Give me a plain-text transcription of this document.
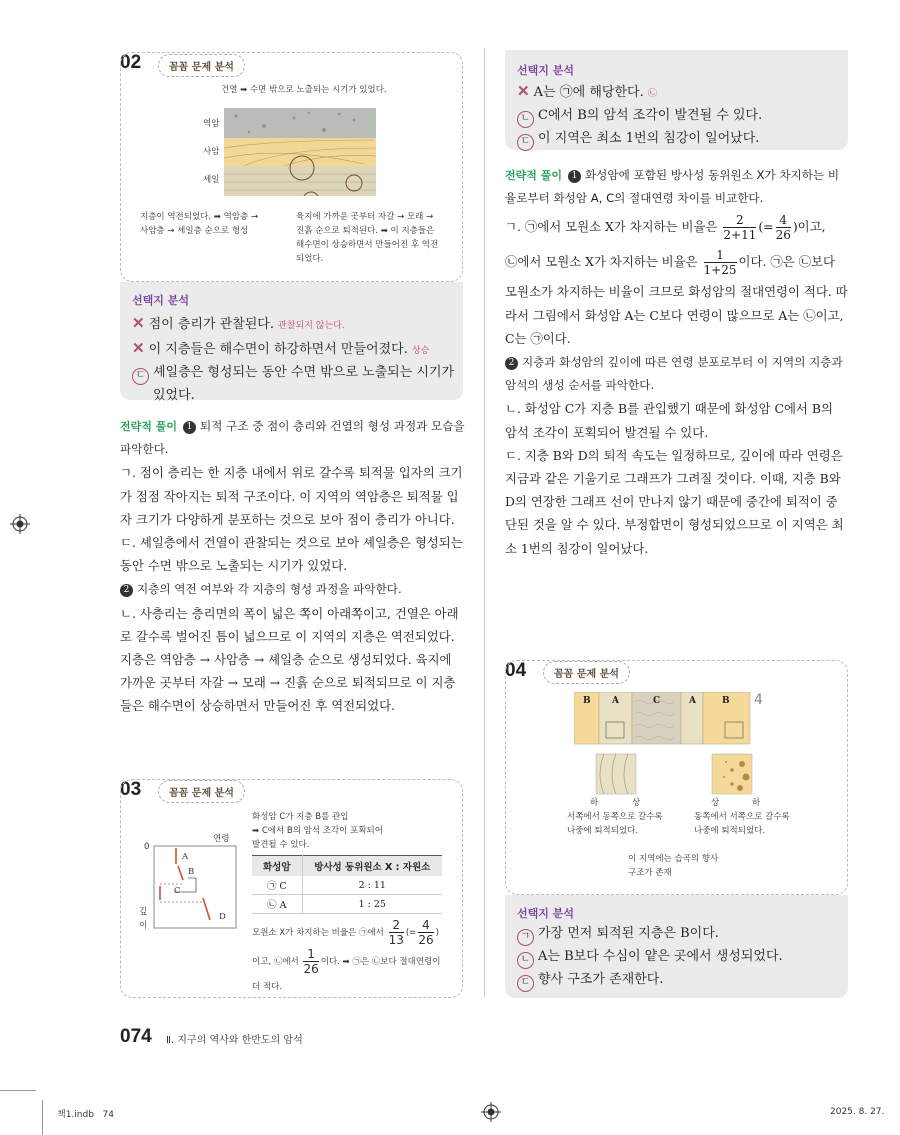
02	꼼꼼 문제 분석
건열 ➡ 수면 밖으로 노출되는 시기가 있었다.
역암
사암
셰일
지층이 역전되었다. ➡ 역암층 →
사암층 → 셰일층 순으로 형성
육지에 가까운 곳부터 자갈 → 모래 →
진흙 순으로 퇴적된다. ➡ 이 지층들은
해수면이 상승하면서 만들어진 후 역전
되었다.
선택지 분석
✕ 점이 층리가 관찰된다. 관찰되지 않는다.
✕ 이 지층들은 해수면이 하강하면서 만들어졌다. 상승
ㄷ 셰일층은 형성되는 동안 수면 밖으로 노출되는 시기가
있었다.
전략적 풀이 1 퇴적 구조 중 점이 층리와 건열의 형성 과정과 모습을
파악한다.
ㄱ. 점이 층리는 한 지층 내에서 위로 갈수록 퇴적물 입자의 크기
가 점점 작아지는 퇴적 구조이다. 이 지역의 역암층은 퇴적물 입
자 크기가 다양하게 분포하는 것으로 보아 점이 층리가 아니다.
ㄷ. 셰일층에서 건열이 관찰되는 것으로 보아 셰일층은 형성되는
동안 수면 밖으로 노출되는 시기가 있었다.
2 지층의 역전 여부와 각 지층의 형성 과정을 파악한다.
ㄴ. 사층리는 층리면의 폭이 넓은 쪽이 아래쪽이고, 건열은 아래
로 갈수록 벌어진 틈이 넓으므로 이 지역의 지층은 역전되었다.
지층은 역암층 → 사암층 → 셰일층 순으로 생성되었다. 육지에
가까운 곳부터 자갈 → 모래 → 진흙 순으로 퇴적되므로 이 지층
들은 해수면이 상승하면서 만들어진 후 역전되었다.
03	꼼꼼 문제 분석
0
연령
깊이
A
B
C
D
화성암 C가 지층 B를 관입
➡ C에서 B의 암석 조각이 포획되어
발견될 수 있다.
화성암	방사성 동위원소 X : 자원소
㉠ C	2 : 11
㉡ A	1 : 25
모원소 X가 차지하는 비율은 ㉠에서 $\frac{2}{13}$ (= $\frac{4}{26}$ )
이고, ㉡에서 $\frac{1}{26}$ 이다. ➡ ㉠은 ㉡보다 절대연령이
더 적다.
선택지 분석
✕ A는 ㉠에 해당한다. ㉡
ㄴ C에서 B의 암석 조각이 발견될 수 있다.
ㄷ 이 지역은 최소 1번의 침강이 일어났다.
전략적 풀이 1 화성암에 포함된 방사성 동위원소 X가 차지하는 비
율로부터 화성암 A, C의 절대연령 차이를 비교한다.
ㄱ. ㉠에서 모원소 X가 차지하는 비율은 $\frac{2}{2+11}$ (= $\frac{4}{26}$ )이고,
㉡에서 모원소 X가 차지하는 비율은 $\frac{1}{1+25}$ 이다. ㉠은 ㉡보다
모원소가 차지하는 비율이 크므로 화성암의 절대연령이 적다. 따
라서 그림에서 화성암 A는 C보다 연령이 많으므로 A는 ㉡이고,
C는 ㉠이다.
2 지층과 화성암의 깊이에 따른 연령 분포로부터 이 지역의 지층과
암석의 생성 순서를 파악한다.
ㄴ. 화성암 C가 지층 B를 관입했기 때문에 화성암 C에서 B의
암석 조각이 포획되어 발견될 수 있다.
ㄷ. 지층 B와 D의 퇴적 속도는 일정하므로, 깊이에 따라 연령은
지금과 같은 기울기로 그래프가 그려질 것이다. 이때, 지층 B와
D의 연장한 그래프 선이 만나지 않기 때문에 중간에 퇴적이 중
단된 것을 알 수 있다. 부정합면이 형성되었으므로 이 지역은 최
소 1번의 침강이 일어났다.
04	꼼꼼 문제 분석
B A	C	A	B 4
하	상	상	하
서쪽에서 동쪽으로 갈수록
나중에 퇴적되었다.
동쪽에서 서쪽으로 갈수록
나중에 퇴적되었다.
이 지역에는 습곡의 향사
구조가 존재
선택지 분석
ㄱ 가장 먼저 퇴적된 지층은 B이다.
ㄴ A는 B보다 수심이 얕은 곳에서 생성되었다.
ㄷ 향사 구조가 존재한다.
074 Ⅱ. 지구의 역사와 한반도의 암석
책1.indb   74	2025. 8. 27.
